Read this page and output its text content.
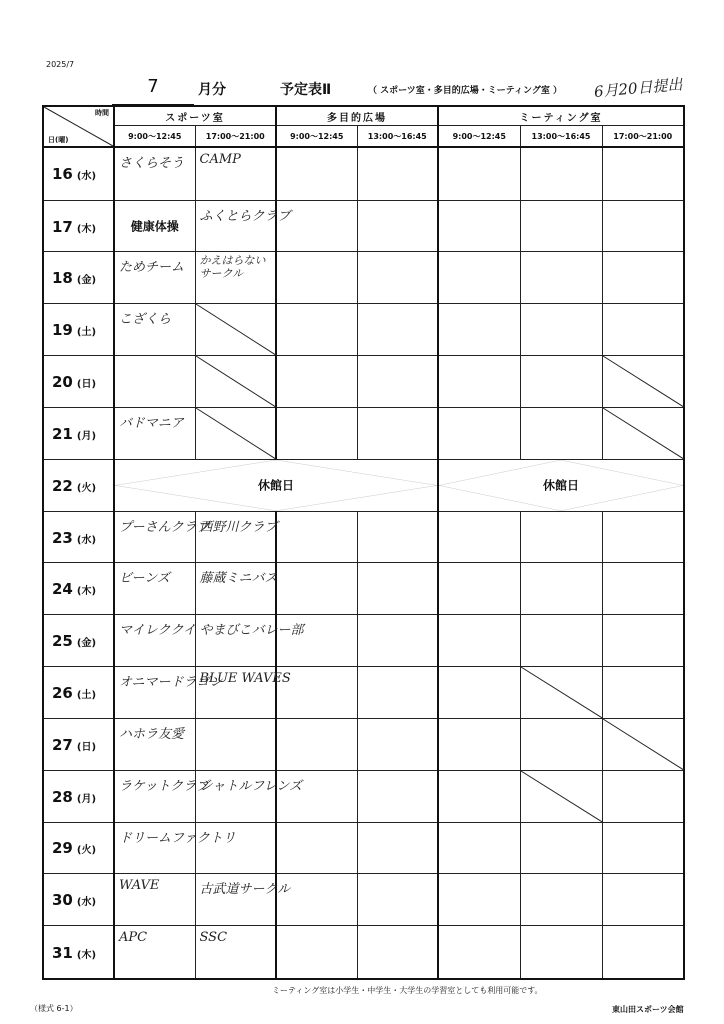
2025/7
7	月分	予定表Ⅱ	（ スポーツ室・多目的広場・ミーティング室 ） 6月20日提出
時間
日(曜)	スポーツ室		多目的広場		ミーティング室		
	9:00～12:45	17:00～21:00	9:00～12:45	13:00～16:45	9:00～12:45	13:00～16:45	17:00～21:00
16 (水)	さくらそう	CAMP					

17 (木)	健康体操	ふくとらクラブ					

18 (金)	ためチーム	かえはらない
サークル					

19 (土)	こざくら

20 (日)		

21 (月)	バドマニア

22 (火)	休館日				休館日		

23 (水)	プーさんクラブ	西野川クラブ					

24 (木)	ビーンズ	藤蔵ミニバス					

25 (金)	マイレククイ	やまびこバレー部					

26 (土)	オニマードラゴン	BLUE WAVES

27 (日)	ハホラ友愛

28 (月)	ラケットクラブ	シャトルフレンズ

29 (火)	ドリームファクトリ						

30 (水)	WAVE	古武道サークル					

31 (木)	APC	SSC					

ミーティング室は小学生・中学生・大学生の学習室としても利用可能です。
（様式 6-1）	東山田スポーツ会館
